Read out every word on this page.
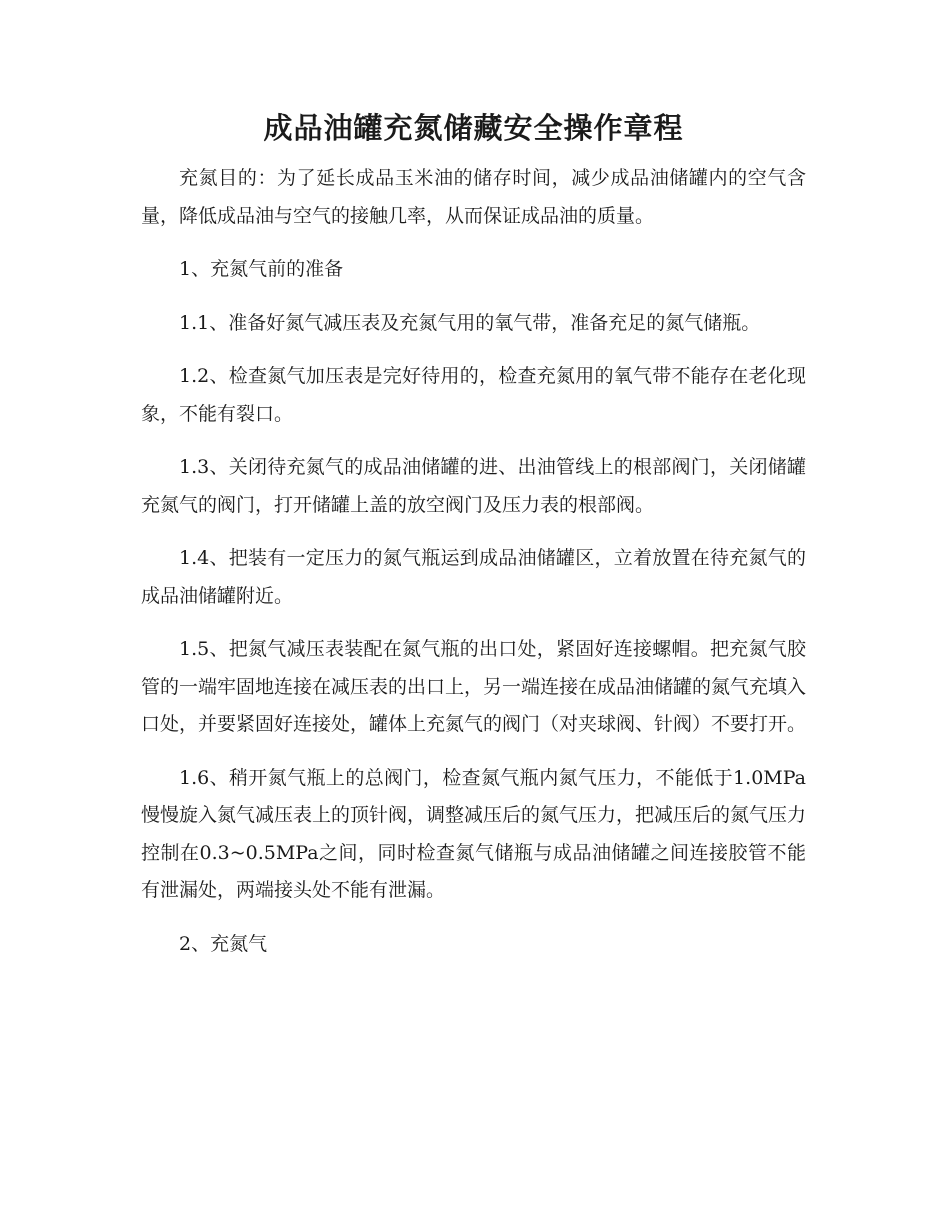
成品油罐充氮储藏安全操作章程

充氮目的：为了延长成品玉米油的储存时间，减少成品油储罐内的空气含量，降低成品油与空气的接触几率，从而保证成品油的质量。

1、充氮气前的准备

1.1、准备好氮气减压表及充氮气用的氧气带，准备充足的氮气储瓶。

1.2、检查氮气加压表是完好待用的，检查充氮用的氧气带不能存在老化现象，不能有裂口。

1.3、关闭待充氮气的成品油储罐的进、出油管线上的根部阀门，关闭储罐充氮气的阀门，打开储罐上盖的放空阀门及压力表的根部阀。

1.4、把装有一定压力的氮气瓶运到成品油储罐区，立着放置在待充氮气的成品油储罐附近。

1.5、把氮气减压表装配在氮气瓶的出口处，紧固好连接螺帽。把充氮气胶管的一端牢固地连接在减压表的出口上，另一端连接在成品油储罐的氮气充填入口处，并要紧固好连接处，罐体上充氮气的阀门（对夹球阀、针阀）不要打开。

1.6、稍开氮气瓶上的总阀门，检查氮气瓶内氮气压力，不能低于1.0MPa慢慢旋入氮气减压表上的顶针阀，调整减压后的氮气压力，把减压后的氮气压力控制在0.3~0.5MPa之间，同时检查氮气储瓶与成品油储罐之间连接胶管不能有泄漏处，两端接头处不能有泄漏。

2、充氮气
